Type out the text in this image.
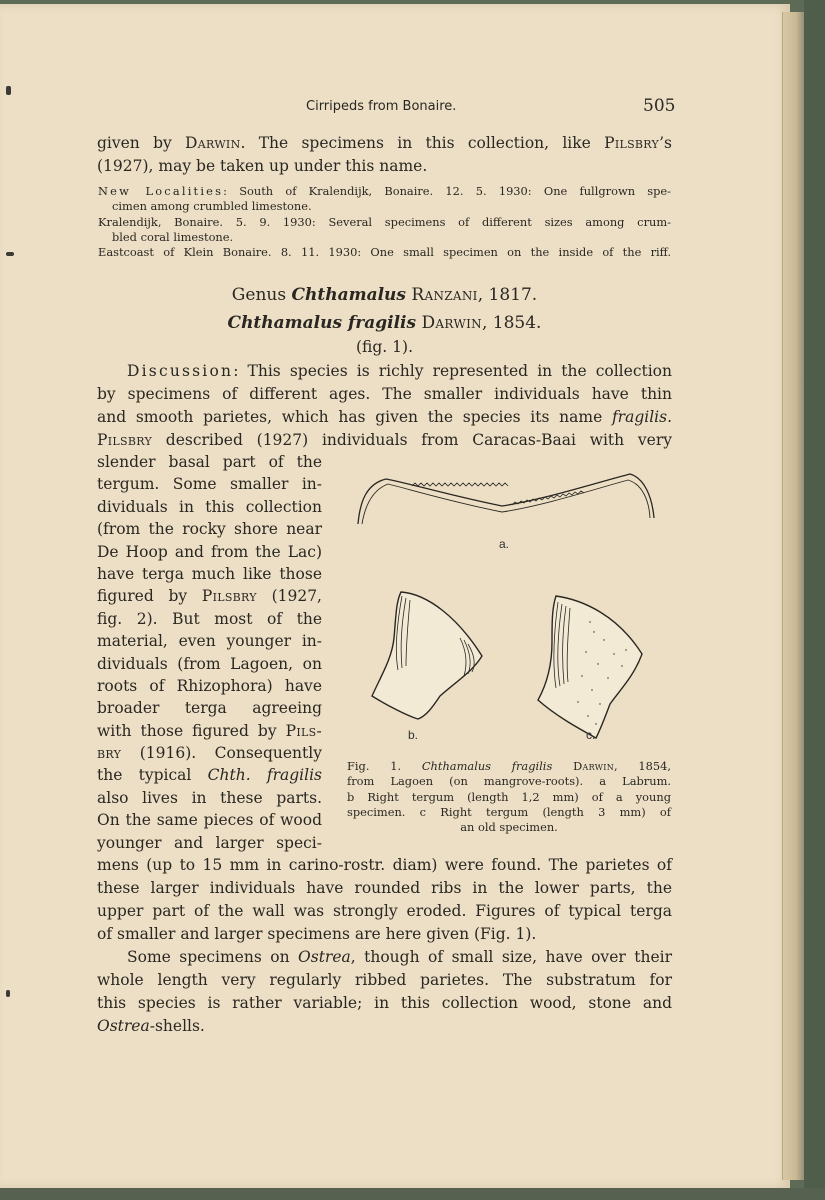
Cirripeds from Bonaire.	505
given by Darwin. The specimens in this collection, like Pilsbry’s
(1927), may be taken up under this name.
New Localities: South of Kralendijk, Bonaire. 12. 5. 1930: One fullgrown spe-
cimen among crumbled limestone.
Kralendijk, Bonaire. 5. 9. 1930: Several specimens of different sizes among crum-
bled coral limestone.
Eastcoast of Klein Bonaire. 8. 11. 1930: One small specimen on the inside of the riff.
Genus Chthamalus Ranzani, 1817.
Chthamalus fragilis Darwin, 1854.
(fig. 1).
Discussion: This species is richly represented in the collection
by specimens of different ages. The smaller individuals have thin
and smooth parietes, which has given the species its name fragilis.
Pilsbry described (1927) individuals from Caracas-Baai with very
slender basal part of the
tergum. Some smaller in-
dividuals in this collection
(from the rocky shore near
De Hoop and from the Lac)
have terga much like those
figured by Pilsbry (1927,
fig. 2). But most of the
material, even younger in-
dividuals (from Lagoen, on
roots of Rhizophora) have
broader terga agreeing
with those figured by Pils-
bry (1916). Consequently
the typical Chth. fragilis
also lives in these parts.
On the same pieces of wood
younger and larger speci-
a.
b.	c.
Fig. 1. Chthamalus fragilis Darwin, 1854,
from Lagoen (on mangrove-roots). a Labrum.
b Right tergum (length 1,2 mm) of a young
specimen. c Right tergum (length 3 mm) of
an old specimen.
mens (up to 15 mm in carino-rostr. diam) were found. The parietes of
these larger individuals have rounded ribs in the lower parts, the
upper part of the wall was strongly eroded. Figures of typical terga
of smaller and larger specimens are here given (Fig. 1).
Some specimens on Ostrea, though of small size, have over their
whole length very regularly ribbed parietes. The substratum for
this species is rather variable; in this collection wood, stone and
Ostrea-shells.
